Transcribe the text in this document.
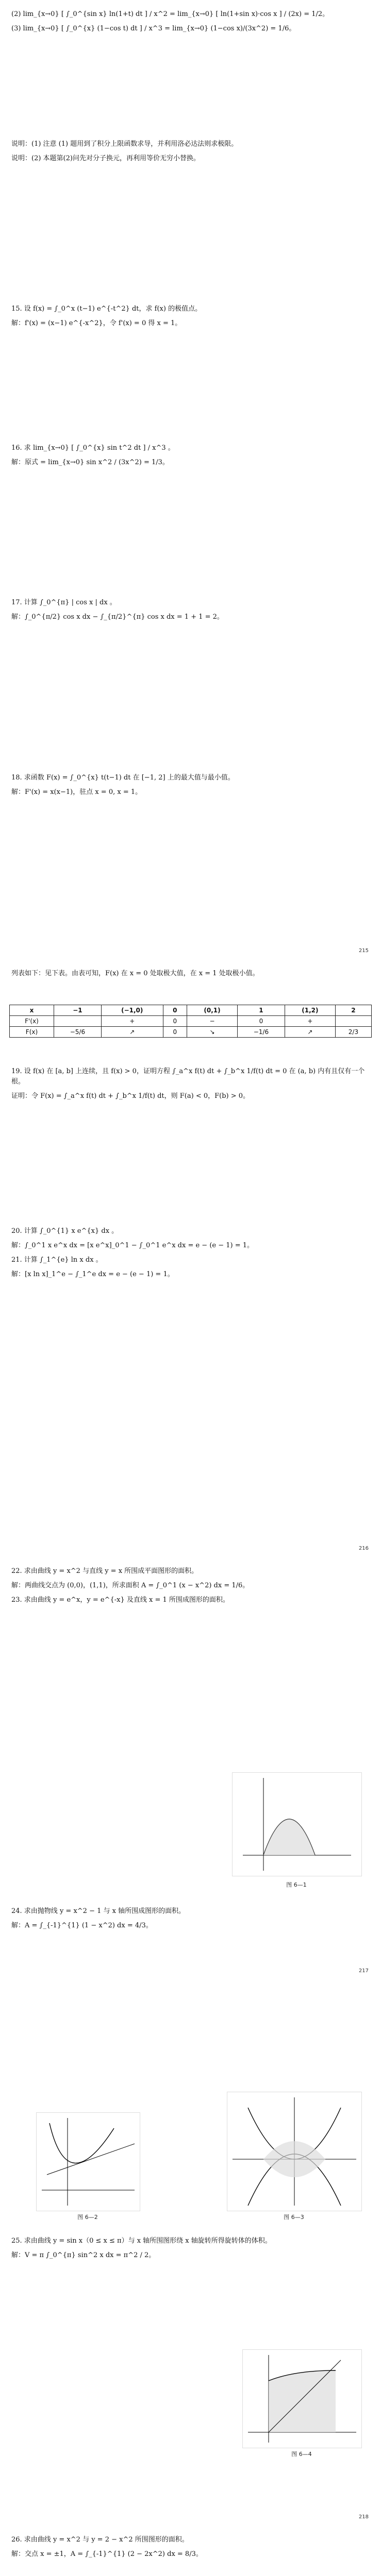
(2) lim_{x→0} [ ∫_0^{sin x} ln(1+t) dt ] / x^2 = lim_{x→0} [ ln(1+sin x)·cos x ] / (2x) = 1/2。

(3) lim_{x→0} [ ∫_0^{x} (1−cos t) dt ] / x^3 = lim_{x→0} (1−cos x)/(3x^2) = 1/6。

说明：(1) 注意 (1) 题用到了积分上限函数求导，并利用洛必达法则求极限。

说明：(2) 本题第(2)问先对分子换元，再利用等价无穷小替换。

15. 设 f(x) = ∫_0^x (t−1) e^{-t^2} dt，求 f(x) 的极值点。

解：f'(x) = (x−1) e^{-x^2}，令 f'(x) = 0 得 x = 1。

16. 求 lim_{x→0} [ ∫_0^{x} sin t^2 dt ] / x^3 。

解：原式 = lim_{x→0} sin x^2 / (3x^2) = 1/3。

17. 计算 ∫_0^{π} | cos x | dx 。

解：∫_0^{π/2} cos x dx − ∫_{π/2}^{π} cos x dx = 1 + 1 = 2。

18. 求函数 F(x) = ∫_0^{x} t(t−1) dt 在 [−1, 2] 上的最大值与最小值。

解：F'(x) = x(x−1)，驻点 x = 0, x = 1。

215

列表如下：见下表。由表可知，F(x) 在 x = 0 处取极大值，在 x = 1 处取极小值。

x	−1	(−1,0)	0	(0,1)	1	(1,2)	2
F'(x)		+	0	−	0	+	
F(x)	−5/6	↗	0	↘	−1/6	↗	2/3

19. 设 f(x) 在 [a, b] 上连续，且 f(x) > 0，证明方程 ∫_a^x f(t) dt + ∫_b^x 1/f(t) dt = 0 在 (a, b) 内有且仅有一个根。

证明：令 F(x) = ∫_a^x f(t) dt + ∫_b^x 1/f(t) dt，则 F(a) < 0，F(b) > 0。

20. 计算 ∫_0^{1} x e^{x} dx 。

解：∫_0^1 x e^x dx = [x e^x]_0^1 − ∫_0^1 e^x dx = e − (e − 1) = 1。

21. 计算 ∫_1^{e} ln x dx 。

解：[x ln x]_1^e − ∫_1^e dx = e − (e − 1) = 1。

216

22. 求由曲线 y = x^2 与直线 y = x 所围成平面图形的面积。

解：两曲线交点为 (0,0)，(1,1)，所求面积 A = ∫_0^1 (x − x^2) dx = 1/6。

23. 求由曲线 y = e^x，y = e^{-x} 及直线 x = 1 所围成图形的面积。

图 6—1

24. 求由抛物线 y = x^2 − 1 与 x 轴所围成图形的面积。

解：A = ∫_{-1}^{1} (1 − x^2) dx = 4/3。

217
图 6—2	图 6—3

25. 求由曲线 y = sin x（0 ≤ x ≤ π）与 x 轴所围图形绕 x 轴旋转所得旋转体的体积。

解：V = π ∫_0^{π} sin^2 x dx = π^2 / 2。

图 6—4
218

26. 求由曲线 y = x^2 与 y = 2 − x^2 所围图形的面积。

解：交点 x = ±1，A = ∫_{-1}^{1} (2 − 2x^2) dx = 8/3。
